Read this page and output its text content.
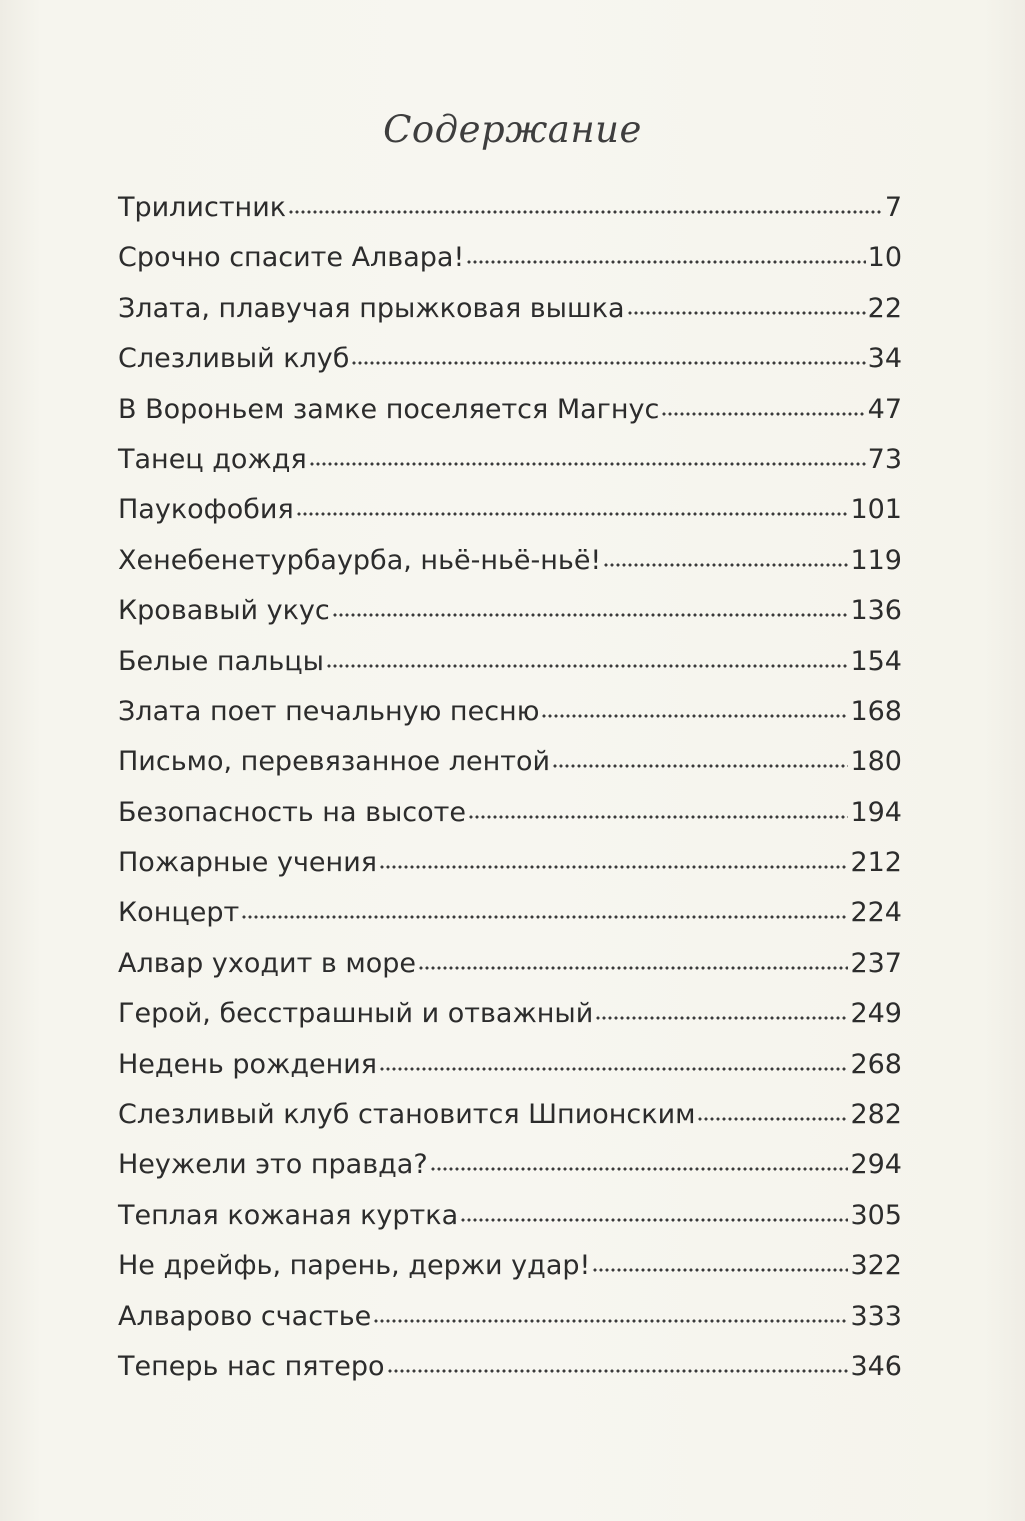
Содержание
Трилистник	7
Срочно спасите Алвара!	10
Злата, плавучая прыжковая вышка	22
Слезливый клуб	34
В Вороньем замке поселяется Магнус	47
Танец дождя	73
Паукофобия	101
Хенебенетурбаурба, ньё-ньё-ньё!	119
Кровавый укус	136
Белые пальцы	154
Злата поет печальную песню	168
Письмо, перевязанное лентой	180
Безопасность на высоте	194
Пожарные учения	212
Концерт	224
Алвар уходит в море	237
Герой, бесстрашный и отважный	249
Недень рождения	268
Слезливый клуб становится Шпионским	282
Неужели это правда?	294
Теплая кожаная куртка	305
Не дрейфь, парень, держи удар!	322
Алварово счастье	333
Теперь нас пятеро	346
